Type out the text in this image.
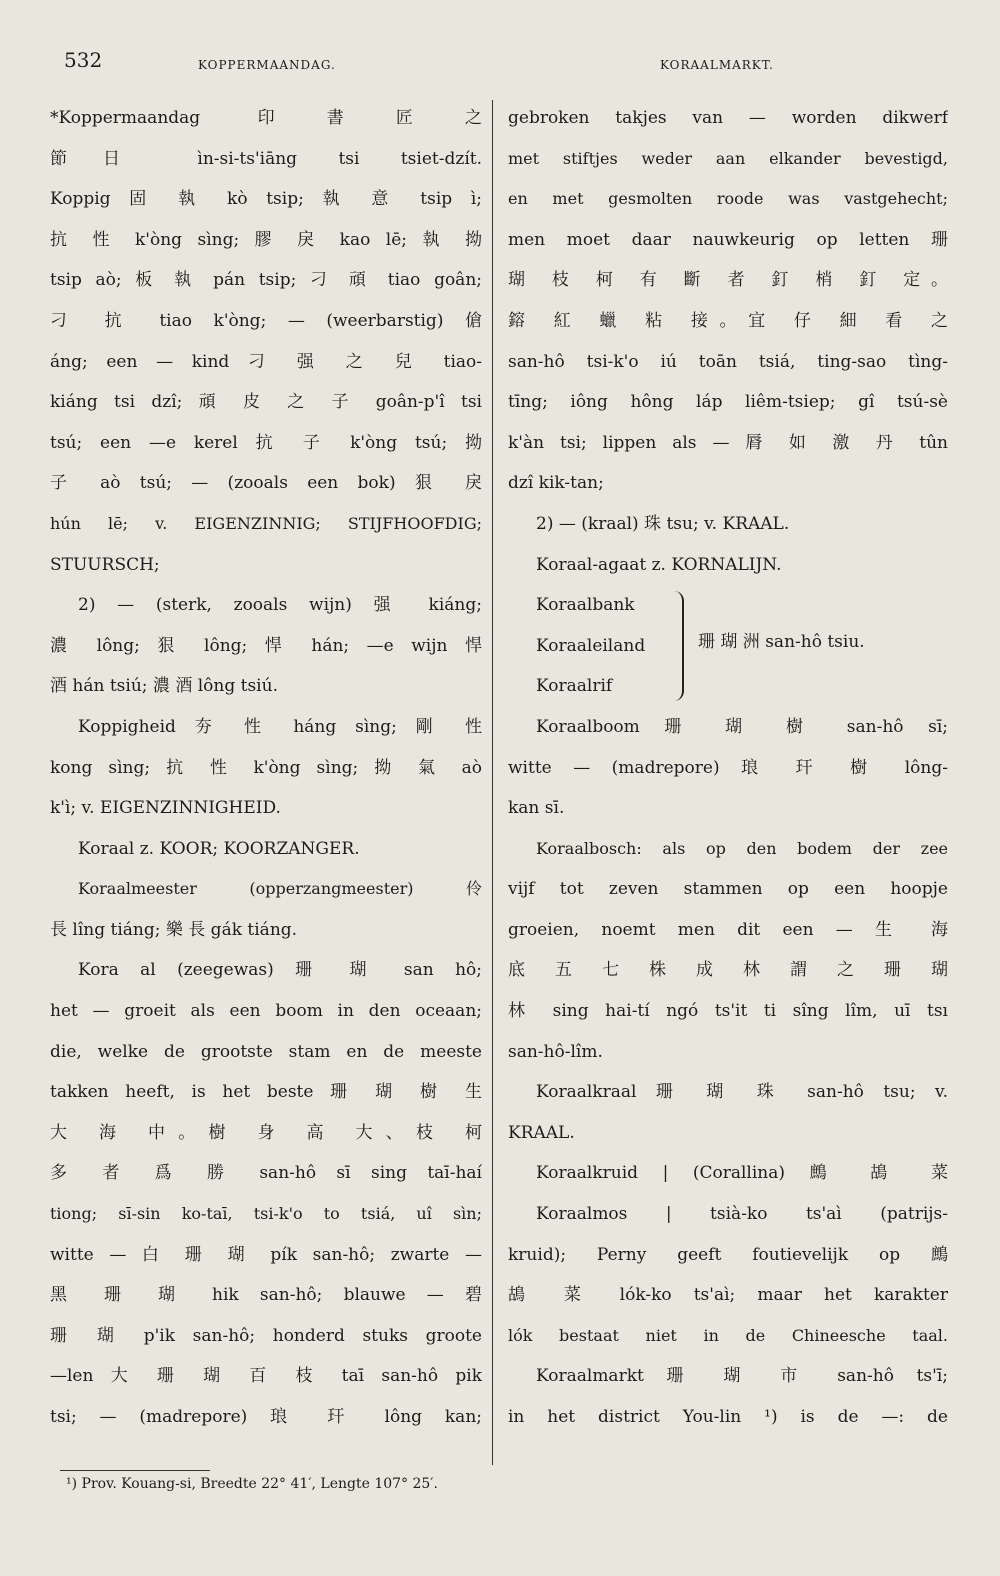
532	KOPPERMAANDAG.	KORAALMARKT.
*Koppermaandag 印書匠之
節日 ìn-si-ts'iāng tsi tsiet-dzít.
Koppig 固 執 kò tsip; 執 意 tsip ì;
抗 性 k'òng sìng; 膠 戾 kao lē; 執 拗
tsip aò; 板 執 pán tsip; 刁 頑 tiao goân;
刁 抗 tiao k'òng; — (weerbarstig) 傖
áng; een — kind 刁 强 之 兒 tiao-
kiáng tsi dzî; 頑 皮 之 子 goân-p'î tsi
tsú; een —e kerel 抗 子 k'òng tsú; 拗
子 aò tsú; — (zooals een bok) 狠 戾
hún lē; v. EIGENZINNIG; STIJFHOOFDIG;
STUURSCH;
2) — (sterk, zooals wijn) 强 kiáng;
濃 lông; 狠 lông; 悍 hán; —e wijn 悍
酒 hán tsiú; 濃 酒 lông tsiú.
Koppigheid 夯 性 háng sìng; 剛 性
kong sìng; 抗 性 k'òng sìng; 拗 氣 aò
k'ì; v. EIGENZINNIGHEID.
Koraal z. KOOR; KOORZANGER.
Koraalmeester (opperzangmeester) 伶
長 lîng tiáng; 樂 長 gák tiáng.
Kora al (zeegewas) 珊 瑚 san hô;
het — groeit als een boom in den oceaan;
die, welke de grootste stam en de meeste
takken heeft, is het beste 珊 瑚 樹 生
大 海 中。樹 身 高 大、枝 柯
多 者 爲 勝 san-hô sī sing taī-haí
tiong; sī-sin ko-taī, tsi-k'o to tsiá, uî sìn;
witte — 白 珊 瑚 pík san-hô; zwarte —
黑 珊 瑚 hik san-hô; blauwe — 碧
珊 瑚 p'ik san-hô; honderd stuks groote
—len 大 珊 瑚 百 枝 taī san-hô pik
tsi; — (madrepore) 琅 玕 lông kan;
gebroken takjes van — worden dikwerf
met stiftjes weder aan elkander bevestigd,
en met gesmolten roode was vastgehecht;
men moet daar nauwkeurig op letten 珊
瑚 枝 柯 有 斷 者 釘 梢 釘 定。
鎔 紅 蠟 粘 接。宜 仔 細 看 之
san-hô tsi-k'o iú toān tsiá, ting-sao tìng-
tīng; iông hông láp liêm-tsiep; gî tsú-sè
k'àn tsi; lippen als — 脣 如 激 丹 tûn
dzî kik-tan;
2) — (kraal) 珠 tsu; v. KRAAL.
Koraal-agaat z. KORNALIJN.
Koraalbank
Koraaleiland
Koraalrif
珊 瑚 洲 san-hô tsiu.
Koraalboom 珊 瑚 樹 san-hô sī;
witte — (madrepore) 琅 玕 樹 lông-
kan sī.
Koraalbosch: als op den bodem der zee
vijf tot zeven stammen op een hoopje
groeien, noemt men dit een — 生 海
底 五 七 株 成 林 謂 之 珊 瑚
林 sing hai-tí ngó ts'it ti sîng lîm, uī tsı
san-hô-lîm.
Koraalkraal 珊 瑚 珠 san-hô tsu; v.
KRAAL.
Koraalkruid | (Corallina) 鷓 鴣 菜
Koraalmos | tsià-ko ts'aì (patrijs-
kruid); Perny geeft foutievelijk op 鷓
鴣 菜 lók-ko ts'aì; maar het karakter
lók bestaat niet in de Chineesche taal.
Koraalmarkt 珊 瑚 市 san-hô ts'ī;
in het district You-lin ¹) is de —: de
¹) Prov. Kouang-si, Breedte 22° 41′, Lengte 107° 25′.
